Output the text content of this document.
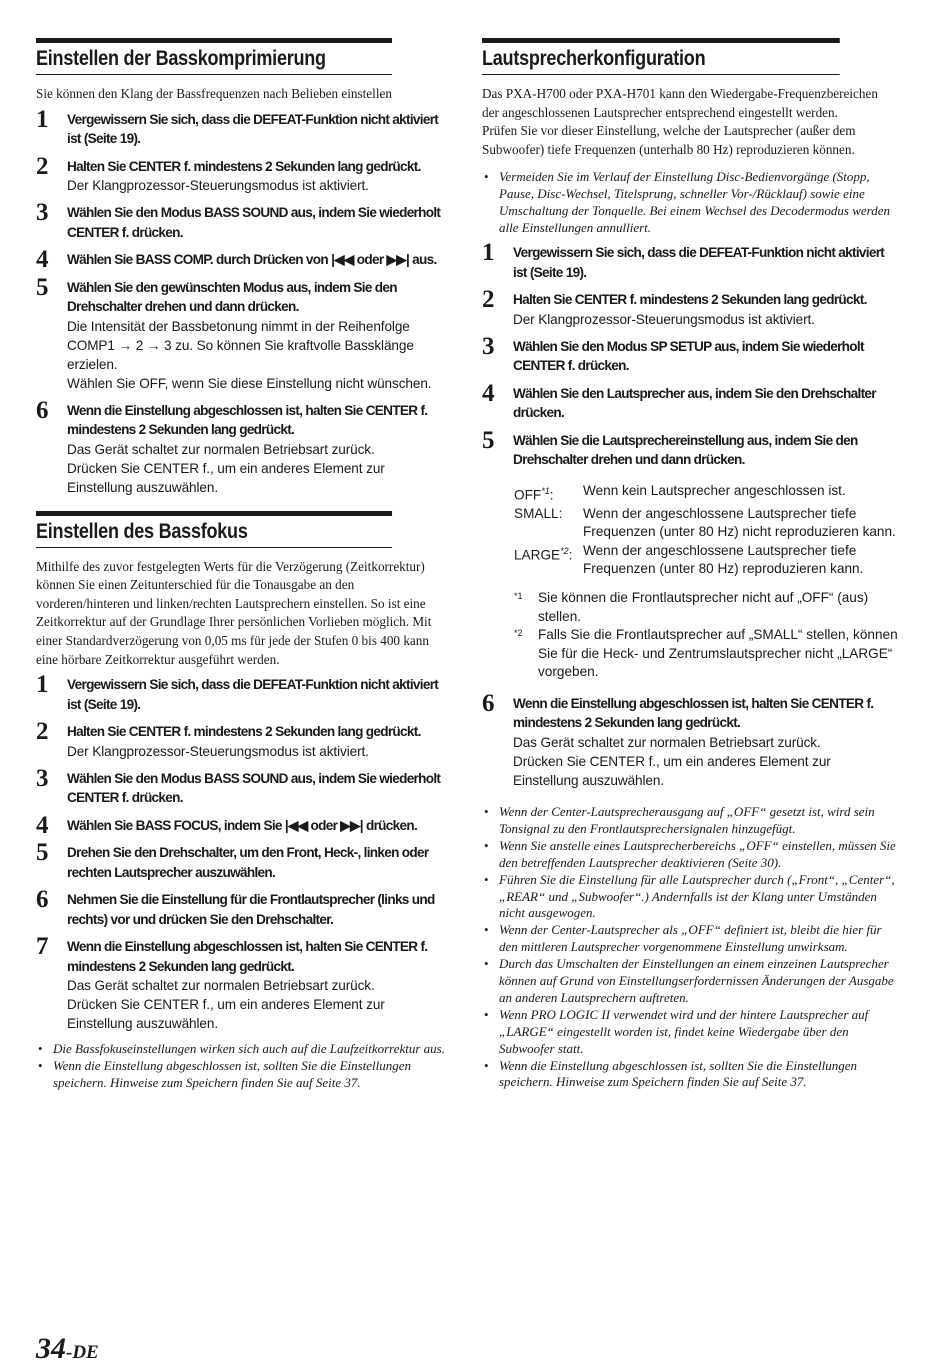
Einstellen der Basskomprimierung
Sie können den Klang der Bassfrequenzen nach Belieben einstellen
1 Vergewissern Sie sich, dass die DEFEAT-Funktion nicht aktiviert ist (Seite 19).
2 Halten Sie CENTER f. mindestens 2 Sekunden lang gedrückt.
Der Klangprozessor-Steuerungsmodus ist aktiviert.
3 Wählen Sie den Modus BASS SOUND aus, indem Sie wiederholt CENTER f. drücken.
4 Wählen Sie BASS COMP. durch Drücken von |◀◀ oder ▶▶| aus.
5 Wählen Sie den gewünschten Modus aus, indem Sie den Drehschalter drehen und dann drücken.
Die Intensität der Bassbetonung nimmt in der Reihenfolge COMP1 → 2 → 3 zu. So können Sie kraftvolle Bassklänge erzielen.
Wählen Sie OFF, wenn Sie diese Einstellung nicht wünschen.
6 Wenn die Einstellung abgeschlossen ist, halten Sie CENTER f. mindestens 2 Sekunden lang gedrückt.
Das Gerät schaltet zur normalen Betriebsart zurück.
Drücken Sie CENTER f., um ein anderes Element zur Einstellung auszuwählen.
Einstellen des Bassfokus
Mithilfe des zuvor festgelegten Werts für die Verzögerung (Zeitkorrektur) können Sie einen Zeitunterschied für die Tonausgabe an den vorderen/hinteren und linken/rechten Lautsprechern einstellen. So ist eine Zeitkorrektur auf der Grundlage Ihrer persönlichen Vorlieben möglich. Mit einer Standardverzögerung von 0,05 ms für jede der Stufen 0 bis 400 kann eine hörbare Zeitkorrektur ausgeführt werden.
1 Vergewissern Sie sich, dass die DEFEAT-Funktion nicht aktiviert ist (Seite 19).
2 Halten Sie CENTER f. mindestens 2 Sekunden lang gedrückt.
Der Klangprozessor-Steuerungsmodus ist aktiviert.
3 Wählen Sie den Modus BASS SOUND aus, indem Sie wiederholt CENTER f. drücken.
4 Wählen Sie BASS FOCUS, indem Sie |◀◀ oder ▶▶| drücken.
5 Drehen Sie den Drehschalter, um den Front, Heck-, linken oder rechten Lautsprecher auszuwählen.
6 Nehmen Sie die Einstellung für die Frontlautsprecher (links und rechts) vor und drücken Sie den Drehschalter.
7 Wenn die Einstellung abgeschlossen ist, halten Sie CENTER f. mindestens 2 Sekunden lang gedrückt.
Das Gerät schaltet zur normalen Betriebsart zurück.
Drücken Sie CENTER f., um ein anderes Element zur Einstellung auszuwählen.
• Die Bassfokuseinstellungen wirken sich auch auf die Laufzeitkorrektur aus.
• Wenn die Einstellung abgeschlossen ist, sollten Sie die Einstellungen speichern. Hinweise zum Speichern finden Sie auf Seite 37.
Lautsprecherkonfiguration
Das PXA-H700 oder PXA-H701 kann den Wiedergabe-Frequenzbereichen der angeschlossenen Lautsprecher entsprechend eingestellt werden.
Prüfen Sie vor dieser Einstellung, welche der Lautsprecher (außer dem Subwoofer) tiefe Frequenzen (unterhalb 80 Hz) reproduzieren können.
• Vermeiden Sie im Verlauf der Einstellung Disc-Bedienvorgänge (Stopp, Pause, Disc-Wechsel, Titelsprung, schneller Vor-/Rücklauf) sowie eine Umschaltung der Tonquelle. Bei einem Wechsel des Decodermodus werden alle Einstellungen annulliert.
1 Vergewissern Sie sich, dass die DEFEAT-Funktion nicht aktiviert ist (Seite 19).
2 Halten Sie CENTER f. mindestens 2 Sekunden lang gedrückt.
Der Klangprozessor-Steuerungsmodus ist aktiviert.
3 Wählen Sie den Modus SP SETUP aus, indem Sie wiederholt CENTER f. drücken.
4 Wählen Sie den Lautsprecher aus, indem Sie den Drehschalter drücken.
5 Wählen Sie die Lautsprechereinstellung aus, indem Sie den Drehschalter drehen und dann drücken.
OFF$^{*1}$:	Wenn kein Lautsprecher angeschlossen ist.
SMALL:	Wenn der angeschlossene Lautsprecher tiefe Frequenzen (unter 80 Hz) nicht reproduzieren kann.
LARGE$^{*2}$: Wenn der angeschlossene Lautsprecher tiefe Frequenzen (unter 80 Hz) reproduzieren kann.
*1	Sie können die Frontlautsprecher nicht auf „OFF“ (aus) stellen.
*2	Falls Sie die Frontlautsprecher auf „SMALL“ stellen, können Sie für die Heck- und Zentrumslautsprecher nicht „LARGE“ vorgeben.
6 Wenn die Einstellung abgeschlossen ist, halten Sie CENTER f. mindestens 2 Sekunden lang gedrückt.
Das Gerät schaltet zur normalen Betriebsart zurück.
Drücken Sie CENTER f., um ein anderes Element zur Einstellung auszuwählen.
• Wenn der Center-Lautsprecherausgang auf „OFF“ gesetzt ist, wird sein Tonsignal zu den Frontlautsprechersignalen hinzugefügt.
• Wenn Sie anstelle eines Lautsprecherbereichs „OFF“ einstellen, müssen Sie den betreffenden Lautsprecher deaktivieren (Seite 30).
• Führen Sie die Einstellung für alle Lautsprecher durch („Front“, „Center“, „REAR“ und „Subwoofer“.) Andernfalls ist der Klang unter Umständen nicht ausgewogen.
• Wenn der Center-Lautsprecher als „OFF“ definiert ist, bleibt die hier für den mittleren Lautsprecher vorgenommene Einstellung unwirksam.
• Durch das Umschalten der Einstellungen an einem einzeinen Lautsprecher können auf Grund von Einstellungserfordernissen Änderungen der Ausgabe an anderen Lautsprechern auftreten.
• Wenn PRO LOGIC II verwendet wird und der hintere Lautsprecher auf „LARGE“ eingestellt worden ist, findet keine Wiedergabe über den Subwoofer statt.
• Wenn die Einstellung abgeschlossen ist, sollten Sie die Einstellungen speichern. Hinweise zum Speichern finden Sie auf Seite 37.
34-DE
